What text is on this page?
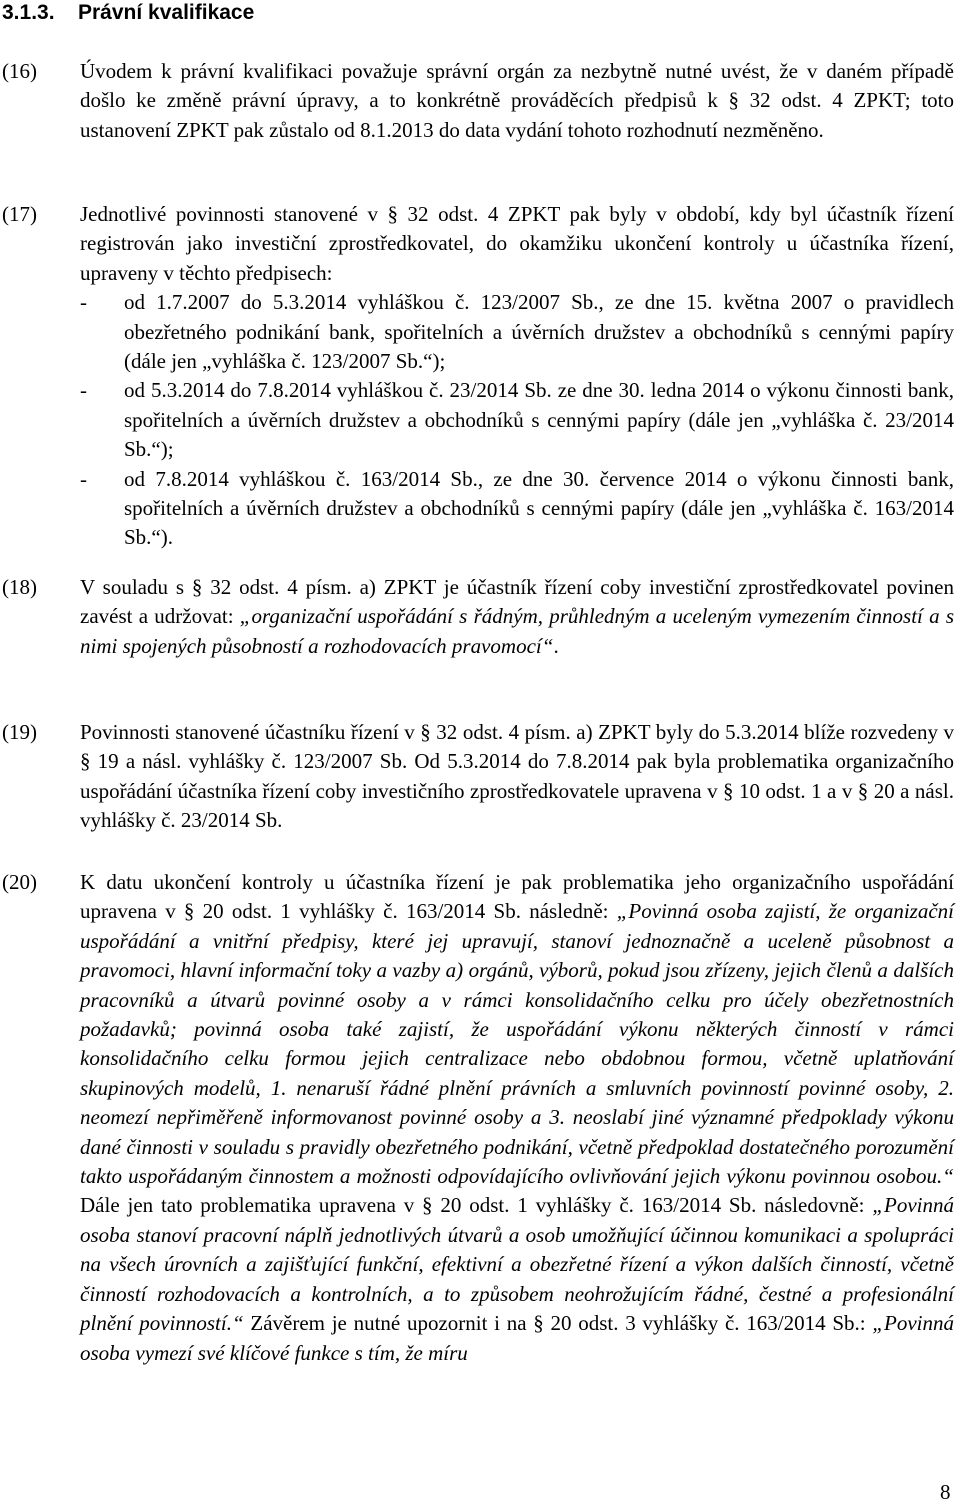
3.1.3. Právní kvalifikace
(16) Úvodem k právní kvalifikaci považuje správní orgán za nezbytně nutné uvést, že v daném případě došlo ke změně právní úpravy, a to konkrétně prováděcích předpisů k § 32 odst. 4 ZPKT; toto ustanovení ZPKT pak zůstalo od 8.1.2013 do data vydání tohoto rozhodnutí nezměněno.

(17) Jednotlivé povinnosti stanovené v § 32 odst. 4 ZPKT pak byly v období, kdy byl účastník řízení registrován jako investiční zprostředkovatel, do okamžiku ukončení kontroly u účastníka řízení, upraveny v těchto předpisech:

- od 1.7.2007 do 5.3.2014 vyhláškou č. 123/2007 Sb., ze dne 15. května 2007 o pravidlech obezřetného podnikání bank, spořitelních a úvěrních družstev a obchodníků s cennými papíry (dále jen „vyhláška č. 123/2007 Sb.“);

- od 5.3.2014 do 7.8.2014 vyhláškou č. 23/2014 Sb. ze dne 30. ledna 2014 o výkonu činnosti bank, spořitelních a úvěrních družstev a obchodníků s cennými papíry (dále jen „vyhláška č. 23/2014 Sb.“);

- od 7.8.2014 vyhláškou č. 163/2014 Sb., ze dne 30. července 2014 o výkonu činnosti bank, spořitelních a úvěrních družstev a obchodníků s cennými papíry (dále jen „vyhláška č. 163/2014 Sb.“).

(18) V souladu s § 32 odst. 4 písm. a) ZPKT je účastník řízení coby investiční zprostředkovatel povinen zavést a udržovat: „organizační uspořádání s řádným, průhledným a uceleným vymezením činností a s nimi spojených působností a rozhodovacích pravomocí“.

(19) Povinnosti stanovené účastníku řízení v § 32 odst. 4 písm. a) ZPKT byly do 5.3.2014 blíže rozvedeny v § 19 a násl. vyhlášky č. 123/2007 Sb. Od 5.3.2014 do 7.8.2014 pak byla problematika organizačního uspořádání účastníka řízení coby investičního zprostředkovatele upravena v § 10 odst. 1 a v § 20 a násl. vyhlášky č. 23/2014 Sb.

(20) K datu ukončení kontroly u účastníka řízení je pak problematika jeho organizačního uspořádání upravena v § 20 odst. 1 vyhlášky č. 163/2014 Sb. následně: „Povinná osoba zajistí, že organizační uspořádání a vnitřní předpisy, které jej upravují, stanoví jednoznačně a uceleně působnost a pravomoci, hlavní informační toky a vazby a) orgánů, výborů, pokud jsou zřízeny, jejich členů a dalších pracovníků a útvarů povinné osoby a v rámci konsolidačního celku pro účely obezřetnostních požadavků; povinná osoba také zajistí, že uspořádání výkonu některých činností v rámci konsolidačního celku formou jejich centralizace nebo obdobnou formou, včetně uplatňování skupinových modelů, 1. nenaruší řádné plnění právních a smluvních povinností povinné osoby, 2. neomezí nepřiměřeně informovanost povinné osoby a 3. neoslabí jiné významné předpoklady výkonu dané činnosti v souladu s pravidly obezřetného podnikání, včetně předpoklad dostatečného porozumění takto uspořádaným činnostem a možnosti odpovídajícího ovlivňování jejich výkonu povinnou osobou.“ Dále jen tato problematika upravena v § 20 odst. 1 vyhlášky č. 163/2014 Sb. následovně: „Povinná osoba stanoví pracovní náplň jednotlivých útvarů a osob umožňující účinnou komunikaci a spolupráci na všech úrovních a zajišťující funkční, efektivní a obezřetné řízení a výkon dalších činností, včetně činností rozhodovacích a kontrolních, a to způsobem neohrožujícím řádné, čestné a profesionální plnění povinností.“ Závěrem je nutné upozornit i na § 20 odst. 3 vyhlášky č. 163/2014 Sb.: „Povinná osoba vymezí své klíčové funkce s tím, že míru

8
